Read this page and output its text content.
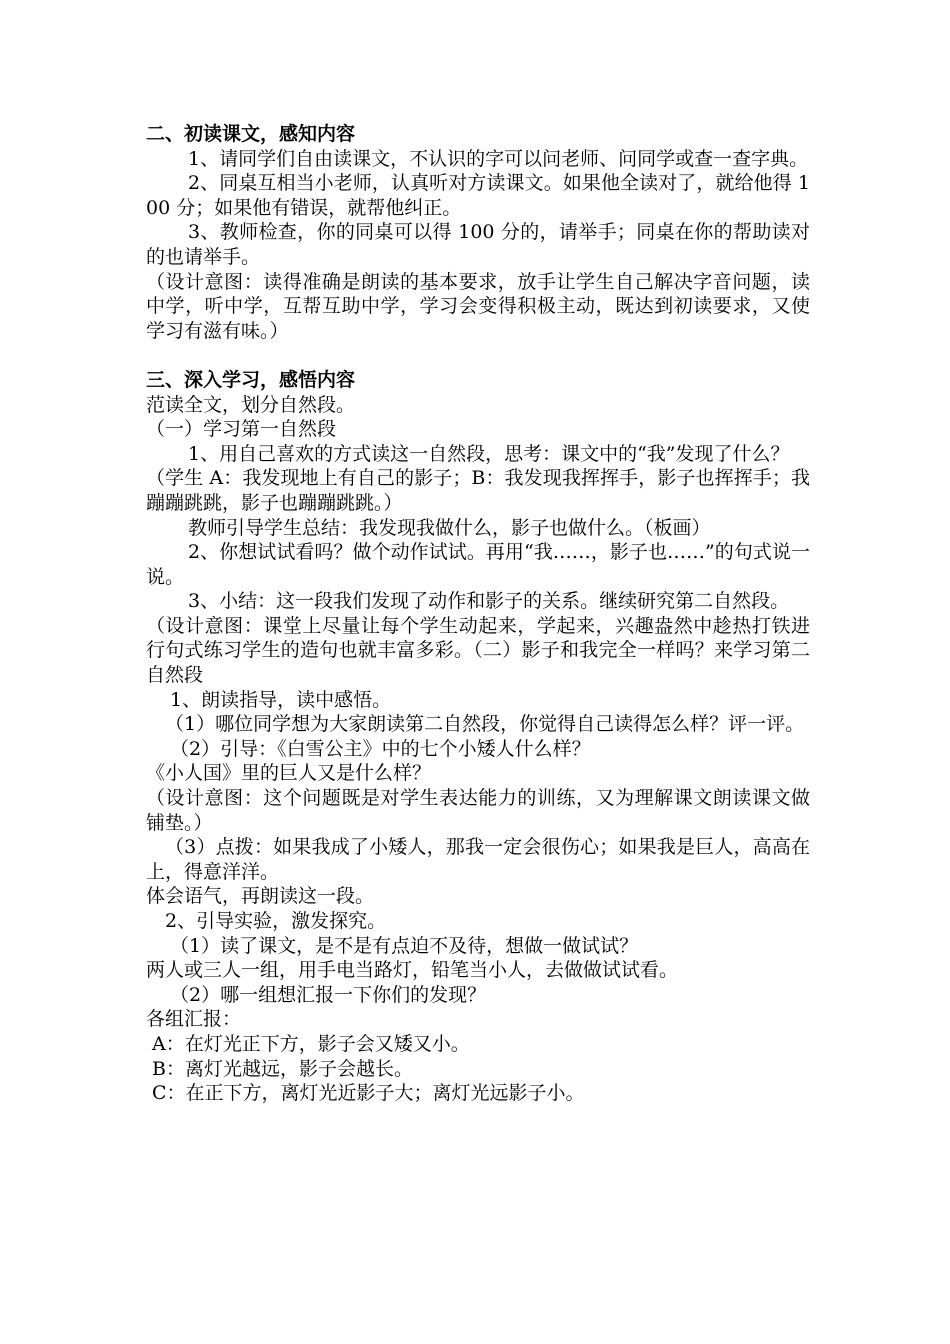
二、初读课文，感知内容

1、请同学们自由读课文，不认识的字可以问老师、问同学或查一查字典。

2、同桌互相当小老师，认真听对方读课文。如果他全读对了，就给他得 100 分；如果他有错误，就帮他纠正。

3、教师检查，你的同桌可以得 100 分的，请举手；同桌在你的帮助读对的也请举手。

（设计意图：读得准确是朗读的基本要求，放手让学生自己解决字音问题，读中学，听中学，互帮互助中学，学习会变得积极主动，既达到初读要求，又使学习有滋有味。）

三、深入学习，感悟内容

范读全文，划分自然段。

（一）学习第一自然段

1、用自己喜欢的方式读这一自然段，思考：课文中的“我”发现了什么？

（学生 A：我发现地上有自己的影子；B：我发现我挥挥手，影子也挥挥手；我蹦蹦跳跳，影子也蹦蹦跳跳。）

教师引导学生总结：我发现我做什么，影子也做什么。（板画）

2、你想试试看吗？做个动作试试。再用“我……，影子也……”的句式说一说。

3、小结：这一段我们发现了动作和影子的关系。继续研究第二自然段。

（设计意图：课堂上尽量让每个学生动起来，学起来，兴趣盎然中趁热打铁进行句式练习学生的造句也就丰富多彩。（二）影子和我完全一样吗？来学习第二自然段

1、朗读指导，读中感悟。

（1）哪位同学想为大家朗读第二自然段，你觉得自己读得怎么样？评一评。

（2）引导：《白雪公主》中的七个小矮人什么样？

《小人国》里的巨人又是什么样？

（设计意图：这个问题既是对学生表达能力的训练，又为理解课文朗读课文做铺垫。）

（3）点拨：如果我成了小矮人，那我一定会很伤心；如果我是巨人，高高在上，得意洋洋。

体会语气，再朗读这一段。

2、引导实验，激发探究。

（1）读了课文，是不是有点迫不及待，想做一做试试？

两人或三人一组，用手电当路灯，铅笔当小人，去做做试试看。

（2）哪一组想汇报一下你们的发现？

各组汇报：

A：在灯光正下方，影子会又矮又小。

B：离灯光越远，影子会越长。

C：在正下方，离灯光近影子大；离灯光远影子小。
